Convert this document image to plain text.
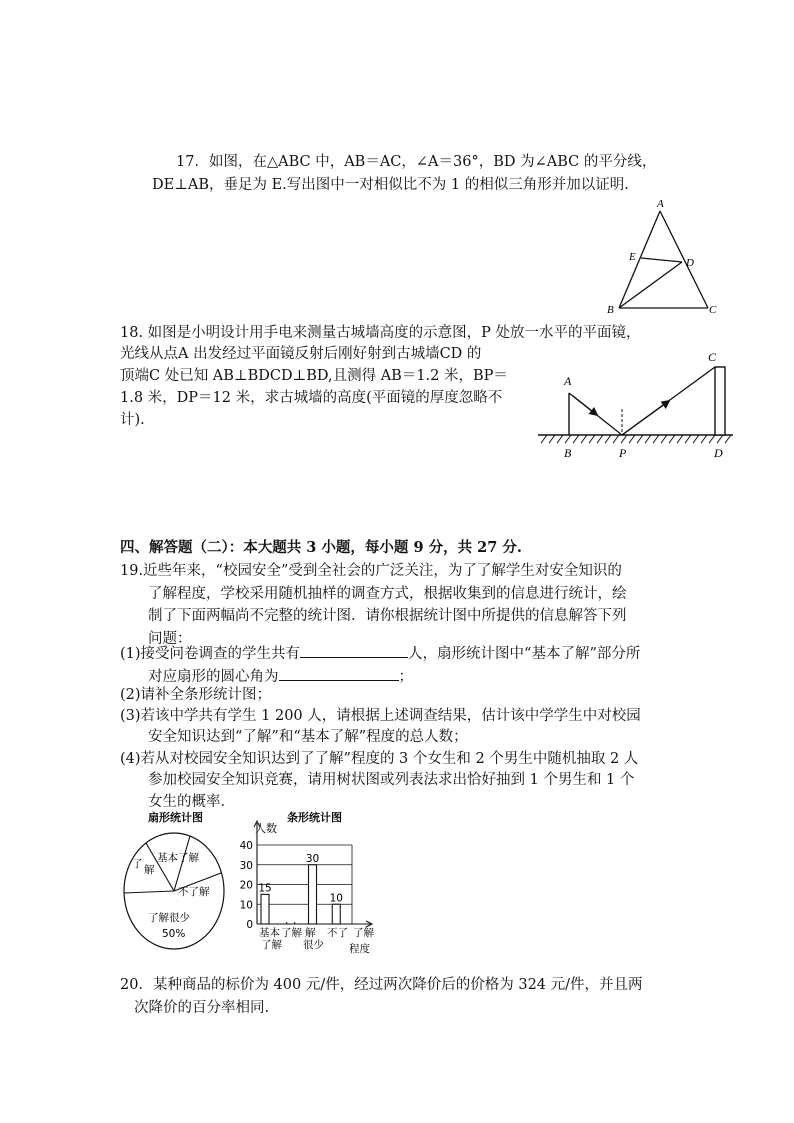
17．如图，在△ABC 中，AB＝AC，∠A＝36°，BD 为∠ABC 的平分线，
DE⊥AB，垂足为 E.写出图中一对相似比不为 1 的相似三角形并加以证明.
A
E	D
B	C
18. 如图是小明设计用手电来测量古城墙高度的示意图，P 处放一水平的平面镜，
光线从点A 出发经过平面镜反射后刚好射到古城墙CD 的
顶端C 处已知 AB⊥BDCD⊥BD,且测得 AB＝1.2 米，BP＝
1.8 米，DP＝12 米，求古城墙的高度(平面镜的厚度忽略不
计).
A
C
B	P	D
四、解答题（二）：本大题共 3 小题，每小题 9 分，共 27 分.
19.近些年来，“校园安全”受到全社会的广泛关注，为了了解学生对安全知识的
了解程度，学校采用随机抽样的调查方式，根据收集到的信息进行统计，绘
制了下面两幅尚不完整的统计图．请你根据统计图中所提供的信息解答下列
问题：
(1)接受问卷调查的学生共有	人，扇形统计图中“基本了解”部分所
对应扇形的圆心角为	；
(2)请补全条形统计图；
(3)若该中学共有学生 1 200 人，请根据上述调查结果，估计该中学学生中对校园
安全知识达到“了解”和“基本了解”程度的总人数；
(4)若从对校园安全知识达到了了解”程度的 3 个女生和 2 个男生中随机抽取 2 人
参加校园安全知识竞赛，请用树状图或列表法求出恰好抽到 1 个男生和 1 个
女生的概率．
扇形统计图
基本了解
了 解
不了解
了解很少
50%
条形统计图
人数
0
10
20
30
40
15
30
10
基本
了解
了解
很少
解 不了 了解
程度
20．某种商品的标价为 400 元/件，经过两次降价后的价格为 324 元/件，并且两
次降价的百分率相同.
